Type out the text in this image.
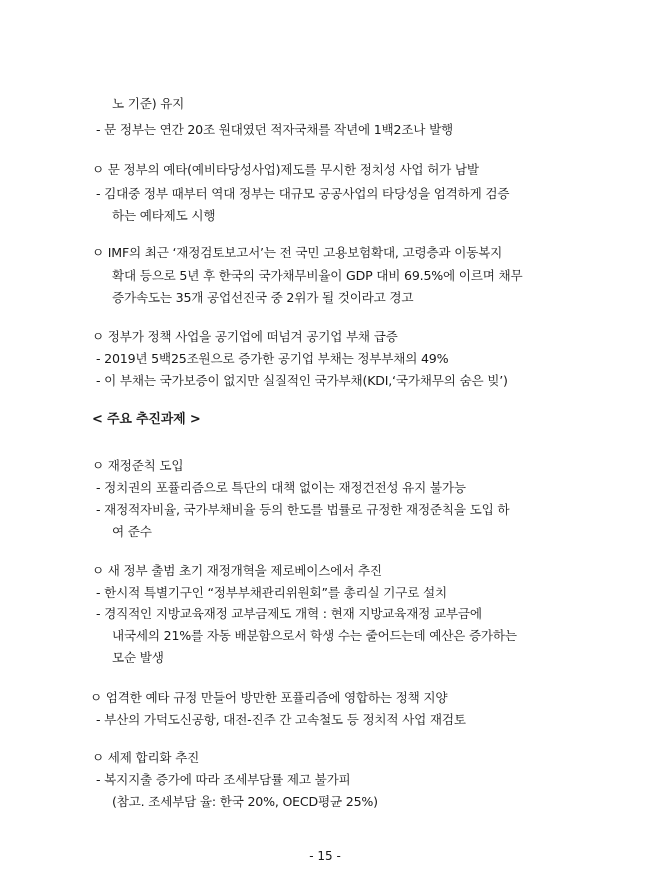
노 기준) 유지
- 문 정부는 연간 20조 원대였던 적자국채를 작년에 1백2조나 발행
ㅇ 문 정부의 예타(예비타당성사업)제도를 무시한 정치성 사업 허가 남발
- 김대중 정부 때부터 역대 정부는 대규모 공공사업의 타당성을 엄격하게 검증
하는 예타제도 시행
ㅇ IMF의 최근 ‘재정검토보고서’는 전 국민 고용보험확대, 고령층과 이동복지
확대 등으로 5년 후 한국의 국가채무비율이 GDP 대비 69.5%에 이르며 채무
증가속도는 35개 공업선진국 중 2위가 될 것이라고 경고
ㅇ 정부가 정책 사업을 공기업에 떠넘겨 공기업 부채 급증
- 2019년 5백25조원으로 증가한 공기업 부채는 정부부채의 49%
- 이 부채는 국가보증이 없지만 실질적인 국가부채(KDI,‘국가채무의 숨은 빚’)
< 주요 추진과제 >
ㅇ 재정준칙 도입
- 정치권의 포퓰리즘으로 특단의 대책 없이는 재정건전성 유지 불가능
- 재정적자비율, 국가부채비율 등의 한도를 법률로 규정한 재정준칙을 도입 하
여 준수
ㅇ 새 정부 출범 초기 재정개혁을 제로베이스에서 추진
- 한시적 특별기구인 “정부부채관리위원회”를 총리실 기구로 설치
- 경직적인 지방교육재정 교부금제도 개혁 : 현재 지방교육재정 교부금에
내국세의 21%를 자동 배분함으로서 학생 수는 줄어드는데 예산은 증가하는
모순 발생
ㅇ 엄격한 예타 규정 만들어 방만한 포퓰리즘에 영합하는 정책 지양
- 부산의 가덕도신공항, 대전-진주 간 고속철도 등 정치적 사업 재검토
ㅇ 세제 합리화 추진
- 복지지출 증가에 따라 조세부담률 제고 불가피
(참고. 조세부담 율: 한국 20%, OECD평균 25%)
- 15 -
